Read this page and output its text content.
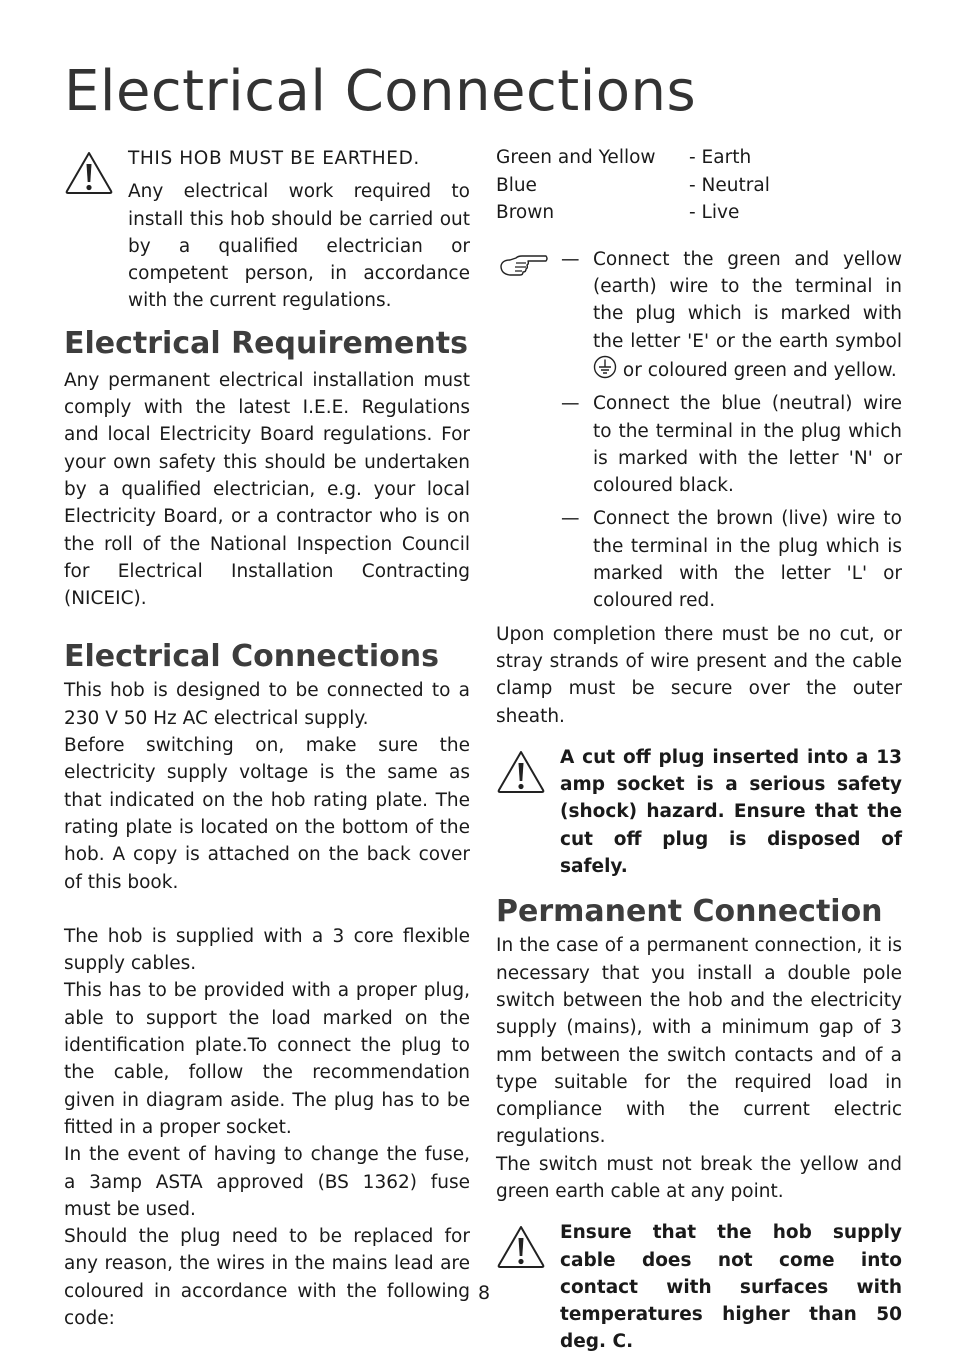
Electrical Connections

THIS HOB MUST BE EARTHED.

Any electrical work required to install this hob should be carried out by a qualified electrician or competent person, in accordance with the current regulations.

Electrical Requirements

Any permanent electrical installation must comply with the latest I.E.E. Regulations and local Electricity Board regulations. For your own safety this should be undertaken by a qualified electrician, e.g. your local Electricity Board, or a contractor who is on the roll of the National Inspection Council for Electrical Installation Contracting (NICEIC).

Electrical Connections

This hob is designed to be connected to a 230 V 50 Hz AC electrical supply.

Before switching on, make sure the electricity supply voltage is the same as that indicated on the hob rating plate. The rating plate is located on the bottom of the hob. A copy is attached on the back cover of this book.

The hob is supplied with a 3 core flexible supply cables.

This has to be provided with a proper plug, able to support the load marked on the identification plate.To connect the plug to the cable, follow the recommendation given in diagram aside. The plug has to be fitted in a proper socket.

In the event of having to change the fuse, a 3amp ASTA approved (BS 1362) fuse must be used.

Should the plug need to be replaced for any reason, the wires in the mains lead are coloured in accordance with the following code:

Green and Yellow	- Earth
Blue	- Neutral
Brown	- Live
— Connect the green and yellow (earth) wire to the terminal in the plug which is marked with the letter 'E' or the earth symbol  or coloured green and yellow.
— Connect the blue (neutral) wire to the terminal in the plug which is marked with the letter 'N' or coloured black.
— Connect the brown (live) wire to the terminal in the plug which is marked with the letter 'L' or coloured red.

Upon completion there must be no cut, or stray strands of wire present and the cable clamp must be secure over the outer sheath.

A cut off plug inserted into a 13 amp socket is a serious safety (shock) hazard. Ensure that the cut off plug is disposed of safely.

Permanent Connection

In the case of a permanent connection, it is necessary that you install a double pole switch between the hob and the electricity supply (mains), with a minimum gap of 3 mm between the switch contacts and of a type suitable for the required load in compliance with the current electric regulations.

The switch must not break the yellow and green earth cable at any point.

Ensure that the hob supply cable does not come into contact with surfaces with temperatures higher than 50 deg. C.

8
